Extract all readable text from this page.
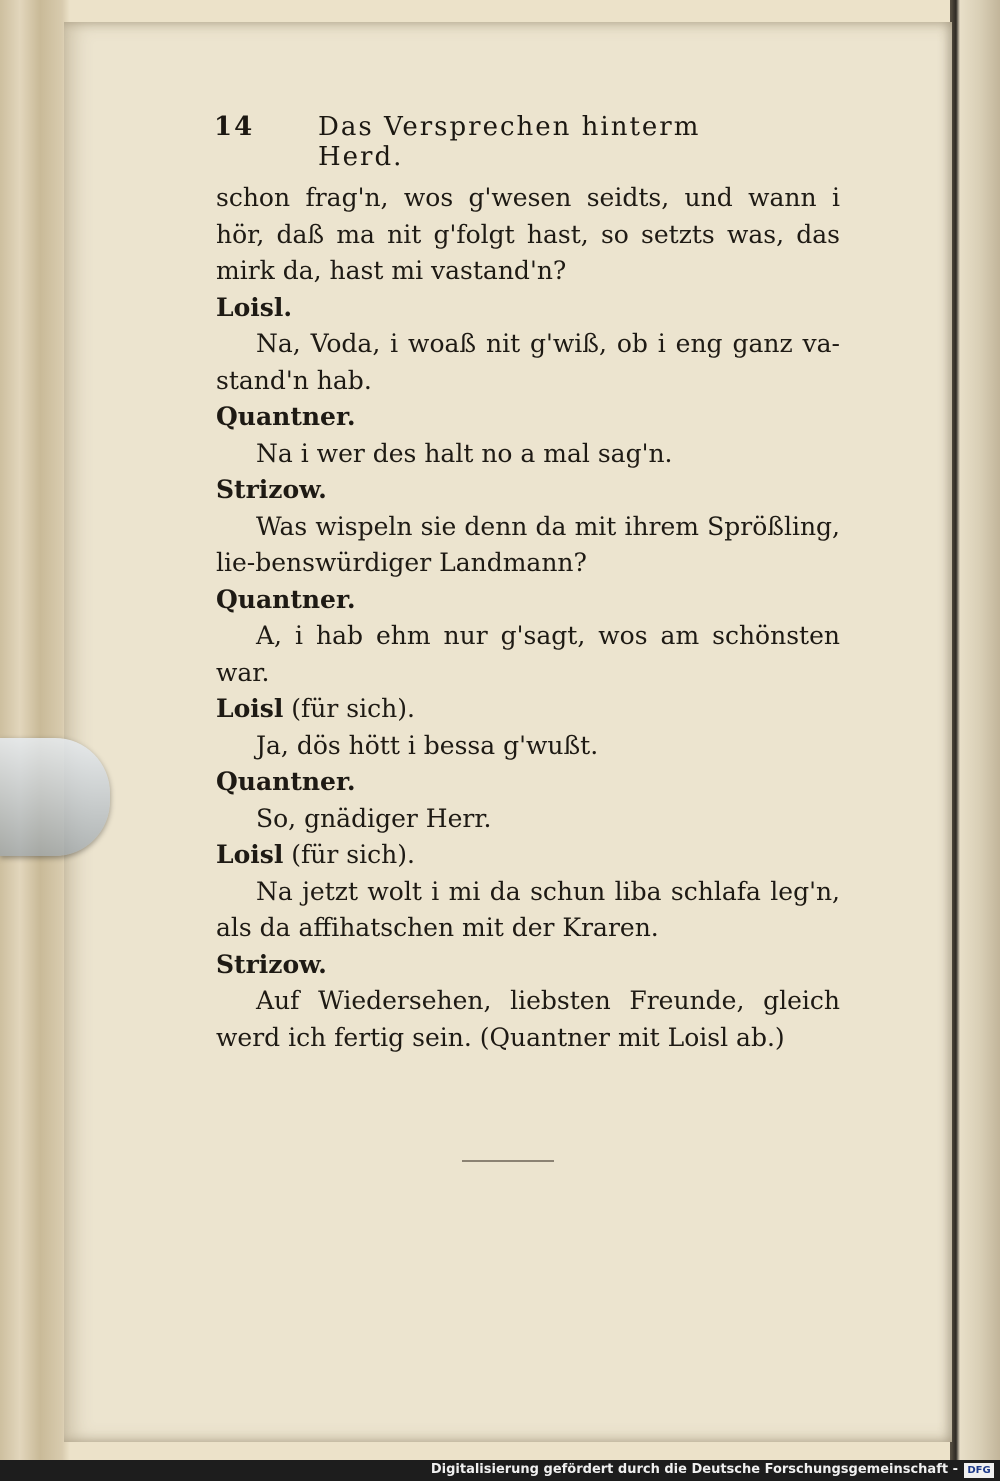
14 Das Versprechen hinterm Herd.

schon frag'n, wos g'wesen seidts, und wann i hör, daß ma nit g'folgt hast, so setzts was, das mirk da, hast mi vastand'n?

Loisl.

Na, Voda, i woaß nit g'wiß, ob i eng ganz va-stand'n hab.

Quantner.

Na i wer des halt no a mal sag'n.

Strizow.

Was wispeln sie denn da mit ihrem Sprößling, lie-benswürdiger Landmann?

Quantner.

A, i hab ehm nur g'sagt, wos am schönsten war.

Loisl (für sich).

Ja, dös hött i bessa g'wußt.

Quantner.

So, gnädiger Herr.

Loisl (für sich).

Na jetzt wolt i mi da schun liba schlafa leg'n, als da affihatschen mit der Kraren.

Strizow.

Auf Wiedersehen, liebsten Freunde, gleich werd ich fertig sein. (Quantner mit Loisl ab.)

Digitalisierung gefördert durch die Deutsche Forschungsgemeinschaft - DFG
